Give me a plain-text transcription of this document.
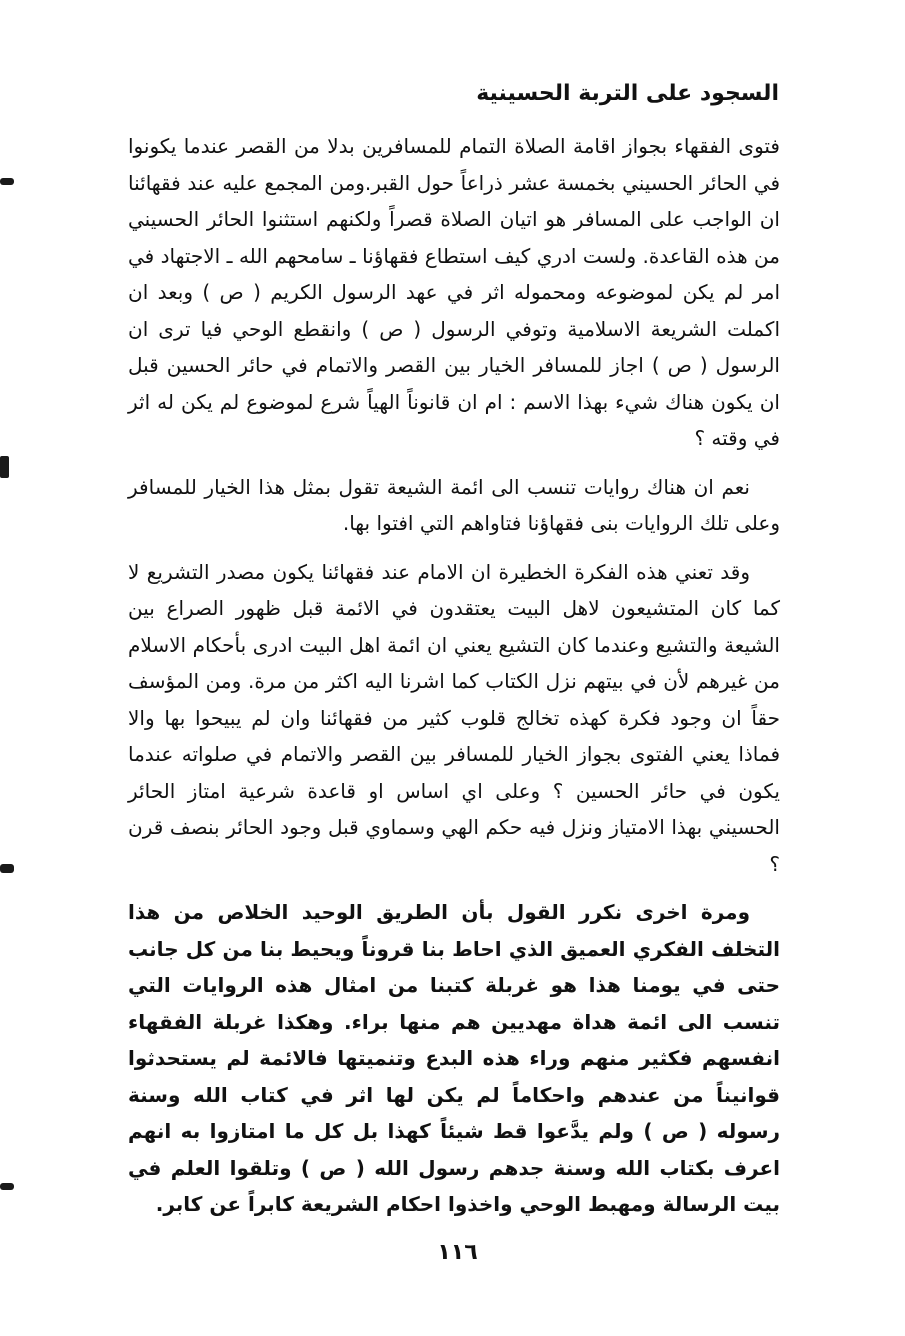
السجود على التربة الحسينية

فتوى الفقهاء بجواز اقامة الصلاة التمام للمسافرين بدلا من القصر عندما يكونوا في الحائر الحسيني بخمسة عشر ذراعاً حول القبر.ومن المجمع عليه عند فقهائنا ان الواجب على المسافر هو اتيان الصلاة قصراً ولكنهم استثنوا الحائر الحسيني من هذه القاعدة. ولست ادري كيف استطاع فقهاؤنا ـ سامحهم الله ـ الاجتهاد في امر لم يكن لموضوعه ومحموله اثر في عهد الرسول الكريم ( ص ) وبعد ان اكملت الشريعة الاسلامية وتوفي الرسول ( ص ) وانقطع الوحي فيا ترى ان الرسول ( ص ) اجاز للمسافر الخيار بين القصر والاتمام في حائر الحسين قبل ان يكون هناك شيء بهذا الاسم : ام ان قانوناً الهياً شرع لموضوع لم يكن له اثر في وقته ؟

نعم ان هناك روايات تنسب الى ائمة الشيعة تقول بمثل هذا الخيار للمسافر وعلى تلك الروايات بنى فقهاؤنا فتاواهم التي افتوا بها.

وقد تعني هذه الفكرة الخطيرة ان الامام عند فقهائنا يكون مصدر التشريع لا كما كان المتشيعون لاهل البيت يعتقدون في الائمة قبل ظهور الصراع بين الشيعة والتشيع وعندما كان التشيع يعني ان ائمة اهل البيت ادرى بأحكام الاسلام من غيرهم لأن في بيتهم نزل الكتاب كما اشرنا اليه اكثر من مرة. ومن المؤسف حقاً ان وجود فكرة كهذه تخالج قلوب كثير من فقهائنا وان لم يبيحوا بها والا فماذا يعني الفتوى بجواز الخيار للمسافر بين القصر والاتمام في صلواته عندما يكون في حائر الحسين ؟ وعلى اي اساس او قاعدة شرعية امتاز الحائر الحسيني بهذا الامتياز ونزل فيه حكم الهي وسماوي قبل وجود الحائر بنصف قرن ؟

ومرة اخرى نكرر القول بأن الطريق الوحيد الخلاص من هذا التخلف الفكري العميق الذي احاط بنا قروناً ويحيط بنا من كل جانب حتى في يومنا هذا هو غربلة كتبنا من امثال هذه الروايات التي تنسب الى ائمة هداة مهديين هم منها براء. وهكذا غربلة الفقهاء انفسهم فكثير منهم وراء هذه البدع وتنميتها فالائمة لم يستحدثوا قوانيناً من عندهم واحكاماً لم يكن لها اثر في كتاب الله وسنة رسوله ( ص ) ولم يدَّعوا قط شيئاً كهذا بل كل ما امتازوا به انهم اعرف بكتاب الله وسنة جدهم رسول الله ( ص ) وتلقوا العلم في بيت الرسالة ومهبط الوحي واخذوا احكام الشريعة كابراً عن كابر.

١١٦
